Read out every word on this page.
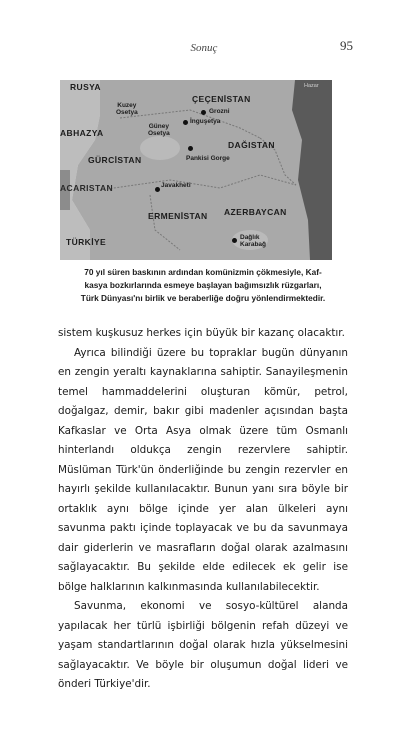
Sonuç	95
RUSYA
Kuzey
Osetya
Güney
Osetya
ÇEÇENİSTAN
Grozni
İnguşetya
ABHAZYA
GÜRCİSTAN	Pankisi Gorge
DAĞISTAN
ACARISTAN	Javakheti
ERMENİSTAN AZERBAYCAN
TÜRKİYE	Dağlık
Karabağ
Hazar

70 yıl süren baskının ardından komünizmin çökmesiyle, Kaf-

kasya bozkırlarında esmeye başlayan bağımsızlık rüzgarları,

Türk Dünyası'nı birlik ve beraberliğe doğru yönlendirmektedir.

sistem kuşkusuz herkes için büyük bir kazanç olacaktır.

Ayrıca bilindiği üzere bu topraklar bugün dünyanın en zengin yeraltı kaynaklarına sahiptir. Sanayileşmenin temel hammaddelerini oluşturan kömür, petrol, doğalgaz, demir, bakır gibi madenler açısından başta Kafkaslar ve Orta Asya olmak üzere tüm Osmanlı hinterlandı oldukça zengin rezervlere sahiptir. Müslüman Türk'ün önderliğinde bu zengin rezervler en hayırlı şekilde kullanılacaktır. Bunun yanı sıra böyle bir ortaklık aynı bölge içinde yer alan ülkeleri aynı savunma paktı içinde toplayacak ve bu da savunmaya dair giderlerin ve masrafların doğal olarak azalmasını sağlayacaktır. Bu şekilde elde edilecek ek gelir ise bölge halklarının kalkınmasında kullanılabilecektir.

Savunma, ekonomi ve sosyo-kültürel alanda yapılacak her türlü işbirliği bölgenin refah düzeyi ve yaşam standartlarının doğal olarak hızla yükselmesini sağlayacaktır. Ve böyle bir oluşumun doğal lideri ve önderi Türkiye'dir.
